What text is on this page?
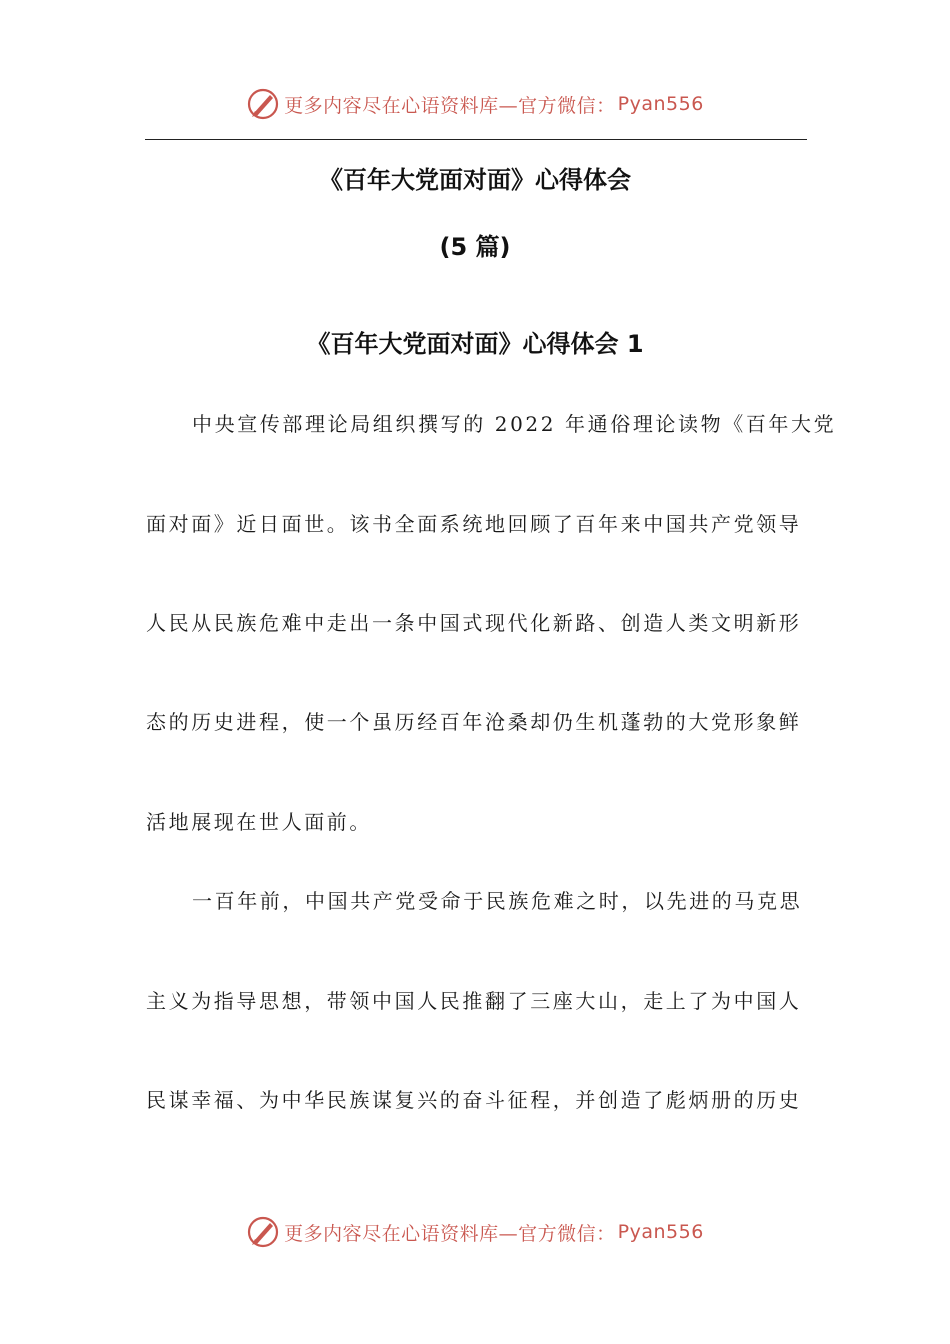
更多内容尽在心语资料库—官方微信： Pyan556
《百年大党面对面》心得体会
(5 篇)
《百年大党面对面》心得体会 1
中央宣传部理论局组织撰写的 2022 年通俗理论读物《百年大党
面对面》近日面世。该书全面系统地回顾了百年来中国共产党领导
人民从民族危难中走出一条中国式现代化新路、创造人类文明新形
态的历史进程，使一个虽历经百年沧桑却仍生机蓬勃的大党形象鲜
活地展现在世人面前。
一百年前，中国共产党受命于民族危难之时，以先进的马克思
主义为指导思想，带领中国人民推翻了三座大山，走上了为中国人
民谋幸福、为中华民族谋复兴的奋斗征程，并创造了彪炳册的历史
更多内容尽在心语资料库—官方微信： Pyan556
